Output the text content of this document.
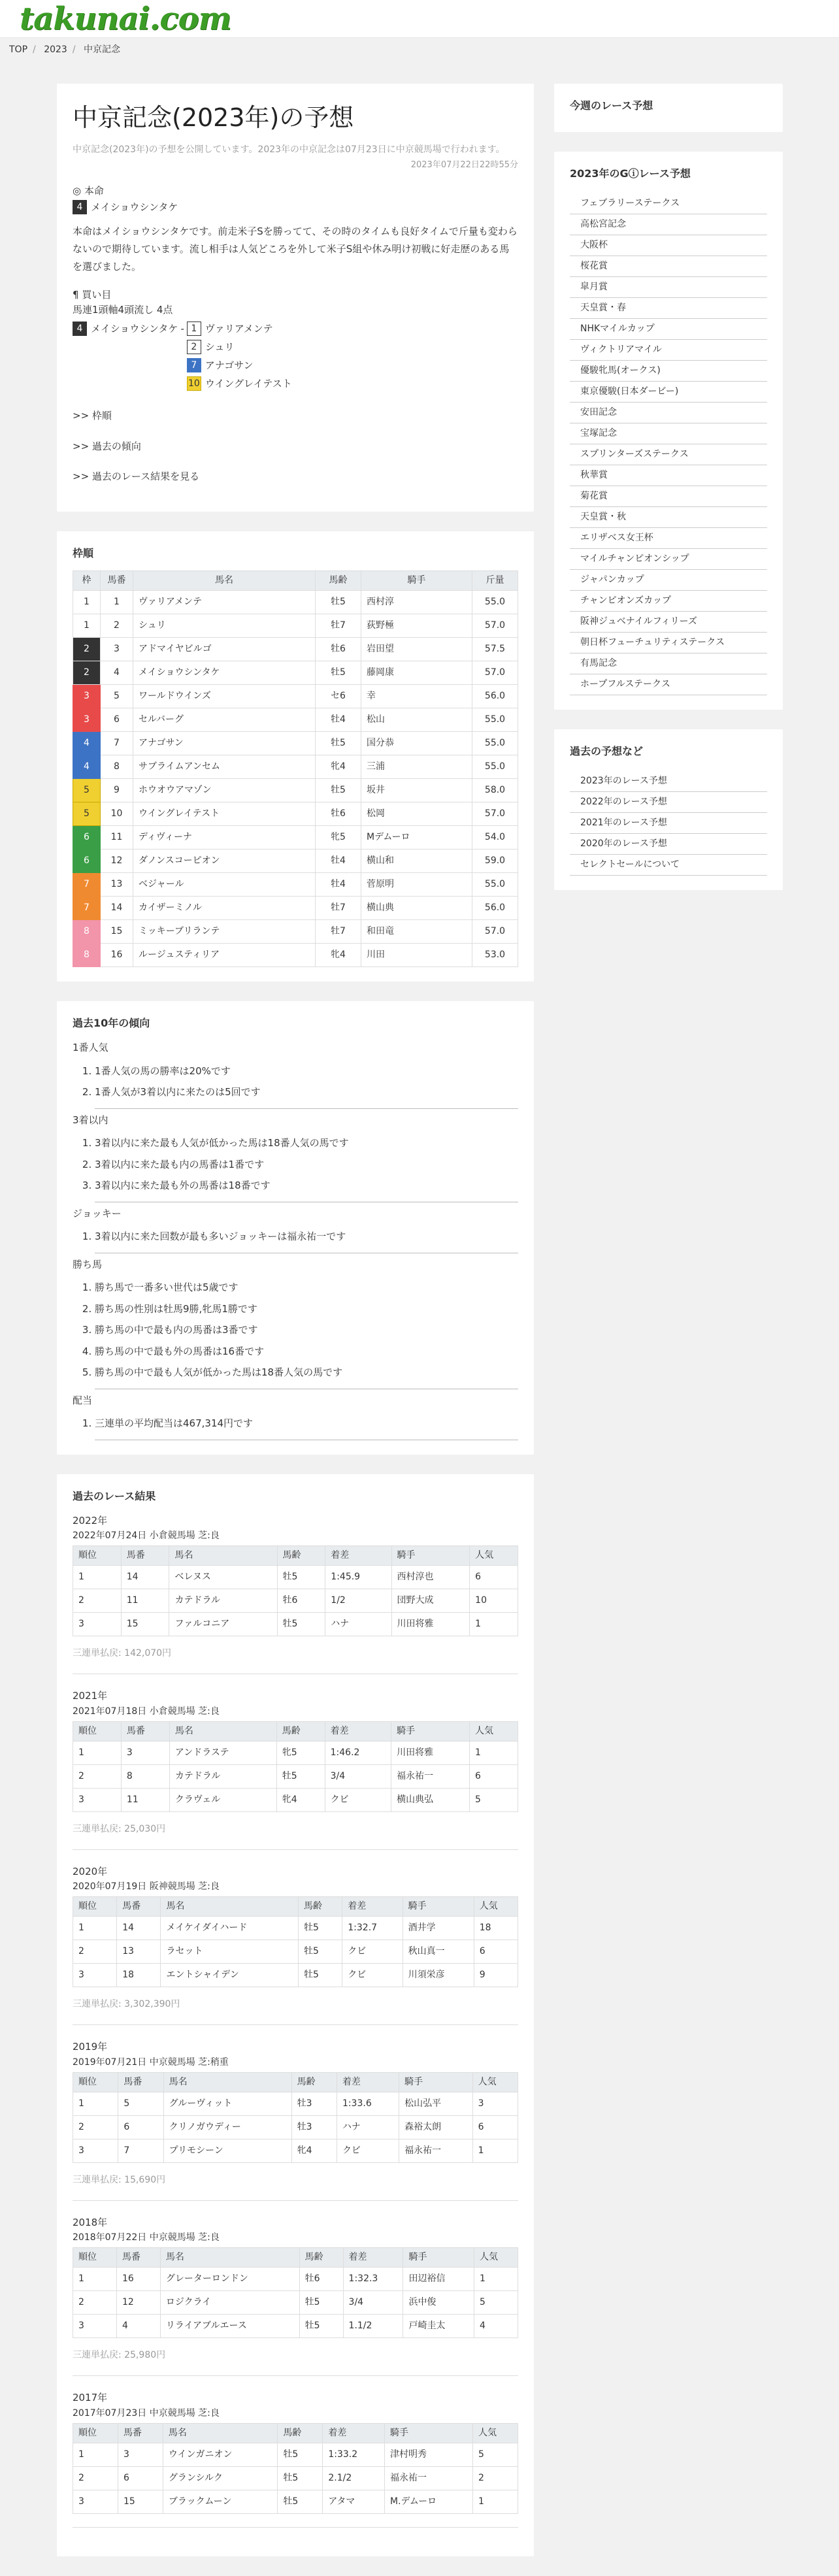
takunai.com
TOP / 2023 / 中京記念
中京記念(2023年)の予想
中京記念(2023年)の予想を公開しています。2023年の中京記念は07月23日に中京競馬場で行われます。
2023年07月22日22時55分
◎ 本命
4 メイショウシンタケ
本命はメイショウシンタケです。前走米子Sを勝ってて、その時のタイムも良好タイムで斤量も変わらないので期待しています。流し相手は人気どころを外して米子S組や休み明け初戦に好走歴のある馬を選びました。
¶ 買い目
馬連1頭軸4頭流し 4点
4 メイショウシンタケ - 1 ヴァリアメンテ
2 シュリ
7 アナゴサン
10 ウイングレイテスト
>> 枠順
>> 過去の傾向
>> 過去のレース結果を見る
枠順
枠	馬番	馬名	馬齢	騎手	斤量
1	1	ヴァリアメンテ	牡5	西村淳	55.0
1	2	シュリ	牡7	荻野極	57.0
2	3	アドマイヤビルゴ	牡6	岩田望	57.5
2	4	メイショウシンタケ	牡5	藤岡康	57.0
3	5	ワールドウインズ	セ6	幸	56.0
3	6	セルバーグ	牡4	松山	55.0
4	7	アナゴサン	牡5	国分恭	55.0
4	8	サブライムアンセム	牝4	三浦	55.0
5	9	ホウオウアマゾン	牡5	坂井	58.0
5	10	ウイングレイテスト	牡6	松岡	57.0
6	11	ディヴィーナ	牝5	Mデムーロ	54.0
6	12	ダノンスコーピオン	牡4	横山和	59.0
7	13	ベジャール	牡4	菅原明	55.0
7	14	カイザーミノル	牡7	横山典	56.0
8	15	ミッキーブリランテ	牡7	和田竜	57.0
8	16	ルージュスティリア	牝4	川田	53.0
過去10年の傾向
1番人気
1. 1番人気の馬の勝率は20%です
2. 1番人気が3着以内に来たのは5回です
3着以内
1. 3着以内に来た最も人気が低かった馬は18番人気の馬です
2. 3着以内に来た最も内の馬番は1番です
3. 3着以内に来た最も外の馬番は18番です
ジョッキー
1. 3着以内に来た回数が最も多いジョッキーは福永祐一です
勝ち馬
1. 勝ち馬で一番多い世代は5歳です
2. 勝ち馬の性別は牡馬9勝,牝馬1勝です
3. 勝ち馬の中で最も内の馬番は3番です
4. 勝ち馬の中で最も外の馬番は16番です
5. 勝ち馬の中で最も人気が低かった馬は18番人気の馬です
配当
1. 三連単の平均配当は467,314円です
過去のレース結果
2022年
2022年07月24日 小倉競馬場 芝:良
順位	馬番	馬名	馬齢	着差	騎手	人気
1	14	ベレヌス	牡5	1:45.9	西村淳也	6
2	11	カテドラル	牡6	1/2	団野大成	10
3	15	ファルコニア	牡5	ハナ	川田将雅	1
三連単払戻: 142,070円
2021年
2021年07月18日 小倉競馬場 芝:良
順位	馬番	馬名	馬齢	着差	騎手	人気
1	3	アンドラステ	牝5	1:46.2	川田将雅	1
2	8	カテドラル	牡5	3/4	福永祐一	6
3	11	クラヴェル	牝4	クビ	横山典弘	5
三連単払戻: 25,030円
2020年
2020年07月19日 阪神競馬場 芝:良
順位	馬番	馬名	馬齢	着差	騎手	人気
1	14	メイケイダイハード	牡5	1:32.7	酒井学	18
2	13	ラセット	牡5	クビ	秋山真一	6
3	18	エントシャイデン	牡5	クビ	川須栄彦	9
三連単払戻: 3,302,390円
2019年
2019年07月21日 中京競馬場 芝:稍重
順位	馬番	馬名	馬齢	着差	騎手	人気
1	5	グルーヴィット	牡3	1:33.6	松山弘平	3
2	6	クリノガウディー	牡3	ハナ	森裕太朗	6
3	7	プリモシーン	牝4	クビ	福永祐一	1
三連単払戻: 15,690円
2018年
2018年07月22日 中京競馬場 芝:良
順位	馬番	馬名	馬齢	着差	騎手	人気
1	16	グレーターロンドン	牡6	1:32.3	田辺裕信	1
2	12	ロジクライ	牡5	3/4	浜中俊	5
3	4	リライアブルエース	牡5	1.1/2	戸崎圭太	4
三連単払戻: 25,980円
2017年
2017年07月23日 中京競馬場 芝:良
順位	馬番	馬名	馬齢	着差	騎手	人気
1	3	ウインガニオン	牡5	1:33.2	津村明秀	5
2	6	グランシルク	牡5	2.1/2	福永祐一	2
3	15	ブラックムーン	牡5	アタマ	M.デムーロ	1
今週のレース予想
2023年のGⓘレース予想
フェブラリーステークス
高松宮記念
大阪杯
桜花賞
皐月賞
天皇賞・春
NHKマイルカップ
ヴィクトリアマイル
優駿牝馬(オークス)
東京優駿(日本ダービー)
安田記念
宝塚記念
スプリンターズステークス
秋華賞
菊花賞
天皇賞・秋
エリザベス女王杯
マイルチャンピオンシップ
ジャパンカップ
チャンピオンズカップ
阪神ジュベナイルフィリーズ
朝日杯フューチュリティステークス
有馬記念
ホープフルステークス
過去の予想など
2023年のレース予想
2022年のレース予想
2021年のレース予想
2020年のレース予想
セレクトセールについて
